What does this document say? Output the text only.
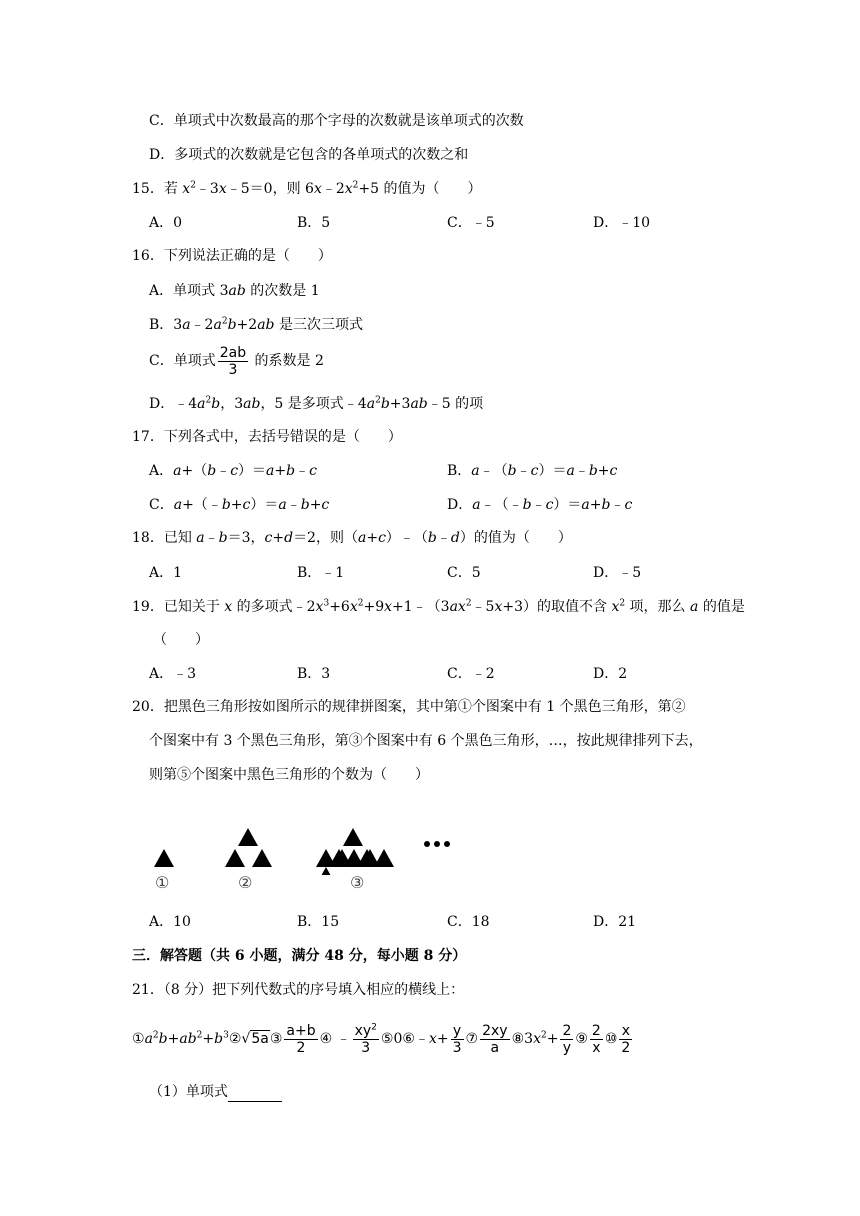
C．单项式中次数最高的那个字母的次数就是该单项式的次数
D．多项式的次数就是它包含的各单项式的次数之和
15．若 $x^2﹣3x﹣5=0$，则 $6x﹣2x^2+5$ 的值为（　　）
A．0	B．5	C．﹣5	D．﹣10
16．下列说法正确的是（　　）
A．单项式 3ab 的次数是 1
B．$3a﹣2a^2b+2ab$ 是三次三项式
C．单项式 $\frac{2ab}{3}$ 的系数是 2
D．$﹣4a^2b$，3ab，5 是多项式$﹣4a^2b+3ab﹣5$ 的项
17．下列各式中，去括号错误的是（　　）
A．a+（b﹣c）＝a+b﹣c	B．a﹣（b﹣c）＝a﹣b+c
C．a+（﹣b+c）＝a﹣b+c	D．a﹣（﹣b﹣c）＝a+b﹣c
18．已知 a﹣b＝3，c+d＝2，则（a+c）﹣（b﹣d）的值为（　　）
A．1	B．﹣1	C．5	D．﹣5
19．已知关于 x 的多项式$﹣2x^3+6x^2+9x+1﹣(3ax^2﹣5x+3)$的取值不含 $x^2$ 项，那么 a 的值是
（　　）
A．﹣3	B．3	C．﹣2	D．2
20．把黑色三角形按如图所示的规律拼图案，其中第①个图案中有 1 个黑色三角形，第②
个图案中有 3 个黑色三角形，第③个图案中有 6 个黑色三角形，…，按此规律排列下去，
则第⑤个图案中黑色三角形的个数为（　　）
①	②	③
A．10	B．15	C．18	D．21
三．解答题（共 6 小题，满分 48 分，每小题 8 分）
21．（8 分）把下列代数式的序号填入相应的横线上：
$①a^2b+ab^2+b^3②√5a③ \frac{a+b}{2}$ ④ ﹣ $\frac{xy^2}{3}$ ⑤0⑥﹣x+ $\frac{y}{3}$ ⑦ $\frac{2xy}{a}$ $⑧3x^2+ \frac{2}{y}$ ⑨ $\frac{2}{x}$ ⑩ $\frac{x}{2}$
（1）单项式
